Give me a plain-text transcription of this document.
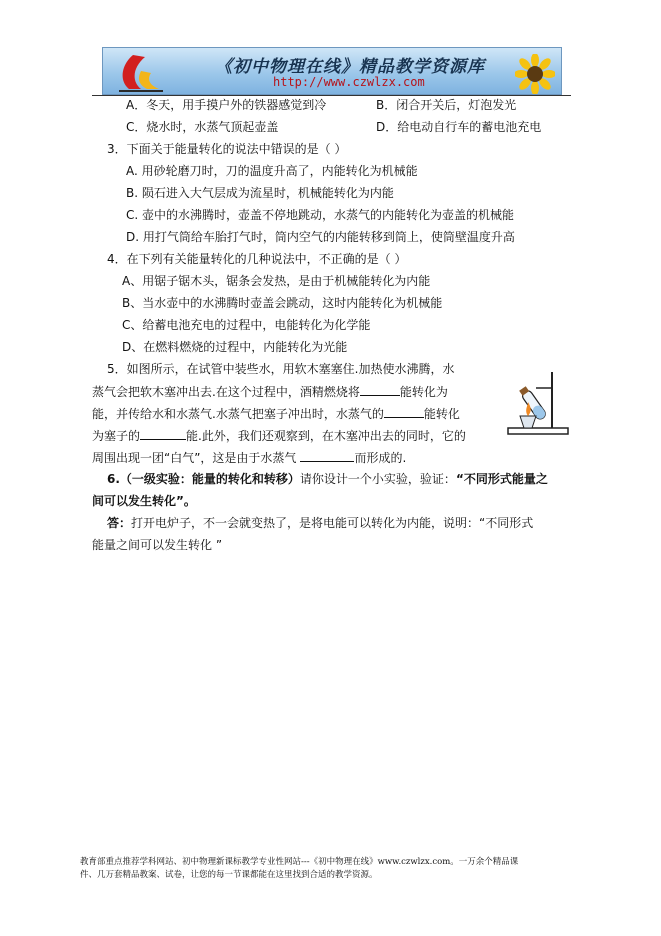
《初中物理在线》精品教学资源库
http://www.czwlzx.com
A．冬天，用手摸户外的铁器感觉到冷	B．闭合开关后，灯泡发光
C．烧水时，水蒸气顶起壶盖	D．给电动自行车的蓄电池充电
3．下面关于能量转化的说法中错误的是（ ）
A. 用砂轮磨刀时，刀的温度升高了，内能转化为机械能
B. 陨石进入大气层成为流星时，机械能转化为内能
C. 壶中的水沸腾时，壶盖不停地跳动，水蒸气的内能转化为壶盖的机械能
D. 用打气筒给车胎打气时，筒内空气的内能转移到筒上，使筒壁温度升高
4．在下列有关能量转化的几种说法中，不正确的是（ ）
A、用锯子锯木头，锯条会发热，是由于机械能转化为内能
B、当水壶中的水沸腾时壶盖会跳动，这时内能转化为机械能
C、给蓄电池充电的过程中，电能转化为化学能
D、在燃料燃烧的过程中，内能转化为光能
5．如图所示，在试管中装些水，用软木塞塞住.加热使水沸腾，水
蒸气会把软木塞冲出去.在这个过程中，酒精燃烧将	能转化为
能，并传给水和水蒸气.水蒸气把塞子冲出时，水蒸气的	能转化
为塞子的	能.此外，我们还观察到，在木塞冲出去的同时，它的
周围出现一团“白气”，这是由于水蒸气	而形成的.
6.（一级实验：能量的转化和转移）请你设计一个小实验，验证：“不同形式能量之
间可以发生转化”。
答：打开电炉子，不一会就变热了，是将电能可以转化为内能，说明：“不同形式
能量之间可以发生转化 ”
教育部重点推荐学科网站、初中物理新课标教学专业性网站---《初中物理在线》www.czwlzx.com。一万余个精品课
件、几万套精品教案、试卷，让您的每一节课都能在这里找到合适的教学资源。
